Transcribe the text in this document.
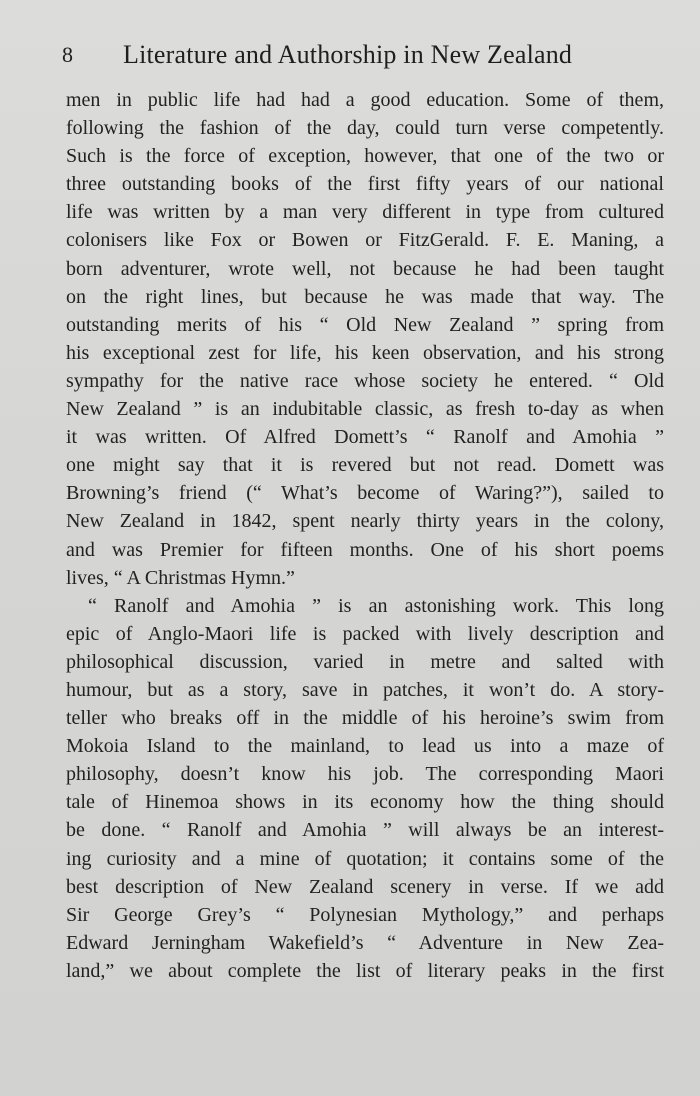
8 Literature and Authorship in New Zealand
men in public life had had a good education. Some of them,
following the fashion of the day, could turn verse competently.
Such is the force of exception, however, that one of the two or
three outstanding books of the first fifty years of our national
life was written by a man very different in type from cultured
colonisers like Fox or Bowen or FitzGerald. F. E. Maning, a
born adventurer, wrote well, not because he had been taught
on the right lines, but because he was made that way. The
outstanding merits of his “ Old New Zealand ” spring from
his exceptional zest for life, his keen observation, and his strong
sympathy for the native race whose society he entered. “ Old
New Zealand ” is an indubitable classic, as fresh to-day as when
it was written. Of Alfred Domett’s “ Ranolf and Amohia ”
one might say that it is revered but not read. Domett was
Browning’s friend (“ What’s become of Waring?”), sailed to
New Zealand in 1842, spent nearly thirty years in the colony,
and was Premier for fifteen months. One of his short poems
lives, “ A Christmas Hymn.”
“ Ranolf and Amohia ” is an astonishing work. This long
epic of Anglo-Maori life is packed with lively description and
philosophical discussion, varied in metre and salted with
humour, but as a story, save in patches, it won’t do. A story-
teller who breaks off in the middle of his heroine’s swim from
Mokoia Island to the mainland, to lead us into a maze of
philosophy, doesn’t know his job. The corresponding Maori
tale of Hinemoa shows in its economy how the thing should
be done. “ Ranolf and Amohia ” will always be an interest-
ing curiosity and a mine of quotation; it contains some of the
best description of New Zealand scenery in verse. If we add
Sir George Grey’s “ Polynesian Mythology,” and perhaps
Edward Jerningham Wakefield’s “ Adventure in New Zea-
land,” we about complete the list of literary peaks in the first
